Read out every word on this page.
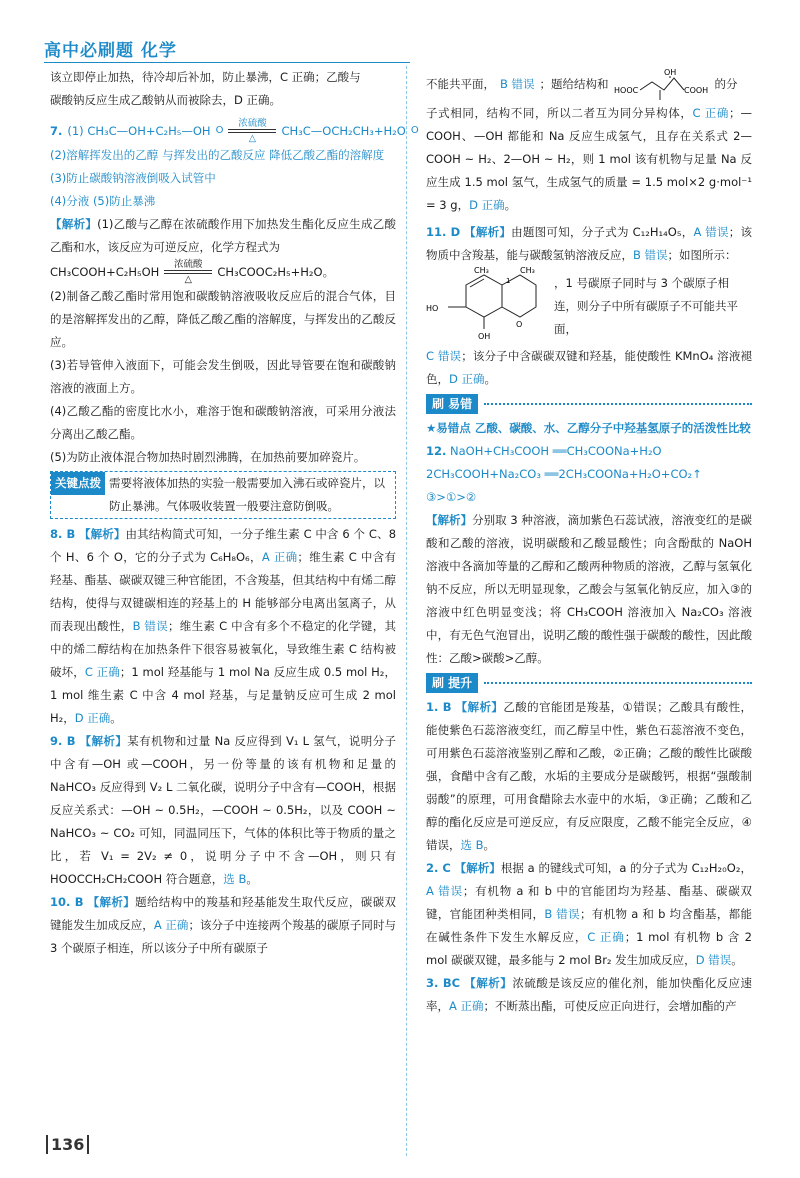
高中必刷题 化学

该立即停止加热，待冷却后补加，防止暴沸，C 正确；乙酸与

碳酸钠反应生成乙酸钠从而被除去，D 正确。

7. (1) CH₃C—OH+C₂H₅—OH O
浓硫酸
△
CH₃C—OCH₂CH₃+H₂O O

(2)溶解挥发出的乙醇 与挥发出的乙酸反应 降低乙酸乙酯的溶解度

(3)防止碳酸钠溶液倒吸入试管中

(4)分液 (5)防止暴沸

【解析】(1)乙酸与乙醇在浓硫酸作用下加热发生酯化反应生成乙酸乙酯和水，该反应为可逆反应，化学方程式为

CH₃COOH+C₂H₅OH 浓硫酸
△
CH₃COOC₂H₅+H₂O。

(2)制备乙酸乙酯时常用饱和碳酸钠溶液吸收反应后的混合气体，目的是溶解挥发出的乙醇，降低乙酸乙酯的溶解度，与挥发出的乙酸反应。

(3)若导管伸入液面下，可能会发生倒吸，因此导管要在饱和碳酸钠溶液的液面上方。

(4)乙酸乙酯的密度比水小，难溶于饱和碳酸钠溶液，可采用分液法分离出乙酸乙酯。

(5)为防止液体混合物加热时剧烈沸腾，在加热前要加碎瓷片。

关键点拨 需要将液体加热的实验一般需要加入沸石或碎瓷片，以防止暴沸。气体吸收装置一般要注意防倒吸。

8. B 【解析】由其结构简式可知，一分子维生素 C 中含 6 个 C、8 个 H、6 个 O，它的分子式为 C₆H₈O₆，A 正确；维生素 C 中含有羟基、酯基、碳碳双键三种官能团，不含羧基，但其结构中有烯二醇结构，使得与双键碳相连的羟基上的 H 能够部分电离出氢离子，从而表现出酸性，B 错误；维生素 C 中含有多个不稳定的化学键，其中的烯二醇结构在加热条件下很容易被氧化，导致维生素 C 结构被破坏，C 正确；1 mol 羟基能与 1 mol Na 反应生成 0.5 mol H₂，1 mol 维生素 C 中含 4 mol 羟基，与足量钠反应可生成 2 mol H₂，D 正确。

9. B 【解析】某有机物和过量 Na 反应得到 V₁ L 氢气，说明分子中含有—OH 或—COOH，另一份等量的该有机物和足量的 NaHCO₃ 反应得到 V₂ L 二氧化碳，说明分子中含有—COOH，根据反应关系式：—OH ~ 0.5H₂，—COOH ~ 0.5H₂，以及 COOH ~ NaHCO₃ ~ CO₂ 可知，同温同压下，气体的体积比等于物质的量之比，若 V₁ = 2V₂ ≠ 0，说明分子中不含—OH，则只有 HOOCCH₂CH₂COOH 符合题意，选 B。

10. B 【解析】题给结构中的羧基和羟基能发生取代反应，碳碳双键能发生加成反应，A 正确；该分子中连接两个羧基的碳原子同时与 3 个碳原子相连，所以该分子中所有碳原子

不能共平面， B 错误 ；题给结构和
OH
HOOC	COOH 的分

子式相同，结构不同，所以二者互为同分异构体，C 正确；—COOH、—OH 都能和 Na 反应生成氢气，且存在关系式 2—COOH ~ H₂、2—OH ~ H₂，则 1 mol 该有机物与足量 Na 反应生成 1.5 mol 氢气，生成氢气的质量 = 1.5 mol×2 g·mol⁻¹ = 3 g，D 正确。

11. D 【解析】由题图可知，分子式为 C₁₂H₁₄O₅，A 错误；该物质中含羧基，能与碳酸氢钠溶液反应，B 错误；如图所示：

CH₃	CH₃
HO
OH
O
1	，1 号碳原子同时与 3 个碳原子相连，则分子中所有碳原子不可能共平面，

C 错误；该分子中含碳碳双键和羟基，能使酸性 KMnO₄ 溶液褪色，D 正确。

刷 易错

★易错点 乙酸、碳酸、水、乙醇分子中羟基氢原子的活泼性比较

12. NaOH+CH₃COOH ══CH₃COONa+H₂O

2CH₃COOH+Na₂CO₃ ══2CH₃COONa+H₂O+CO₂↑

③>①>②

【解析】分别取 3 种溶液，滴加紫色石蕊试液，溶液变红的是碳酸和乙酸的溶液，说明碳酸和乙酸显酸性；向含酚酞的 NaOH 溶液中各滴加等量的乙醇和乙酸两种物质的溶液，乙醇与氢氧化钠不反应，所以无明显现象，乙酸会与氢氧化钠反应，加入③的溶液中红色明显变浅；将 CH₃COOH 溶液加入 Na₂CO₃ 溶液中，有无色气泡冒出，说明乙酸的酸性强于碳酸的酸性，因此酸性：乙酸>碳酸>乙醇。

刷 提升

1. B 【解析】乙酸的官能团是羧基，①错误；乙酸具有酸性，能使紫色石蕊溶液变红，而乙醇呈中性，紫色石蕊溶液不变色，可用紫色石蕊溶液鉴别乙醇和乙酸，②正确；乙酸的酸性比碳酸强，食醋中含有乙酸，水垢的主要成分是碳酸钙，根据“强酸制弱酸”的原理，可用食醋除去水壶中的水垢，③正确；乙酸和乙醇的酯化反应是可逆反应，有反应限度，乙酸不能完全反应，④错误，选 B。

2. C 【解析】根据 a 的键线式可知，a 的分子式为 C₁₂H₂₀O₂，A 错误；有机物 a 和 b 中的官能团均为羟基、酯基、碳碳双键，官能团种类相同，B 错误；有机物 a 和 b 均含酯基，都能在碱性条件下发生水解反应，C 正确；1 mol 有机物 b 含 2 mol 碳碳双键，最多能与 2 mol Br₂ 发生加成反应，D 错误。

3. BC 【解析】浓硫酸是该反应的催化剂，能加快酯化反应速率，A 正确；不断蒸出酯，可使反应正向进行，会增加酯的产

136
